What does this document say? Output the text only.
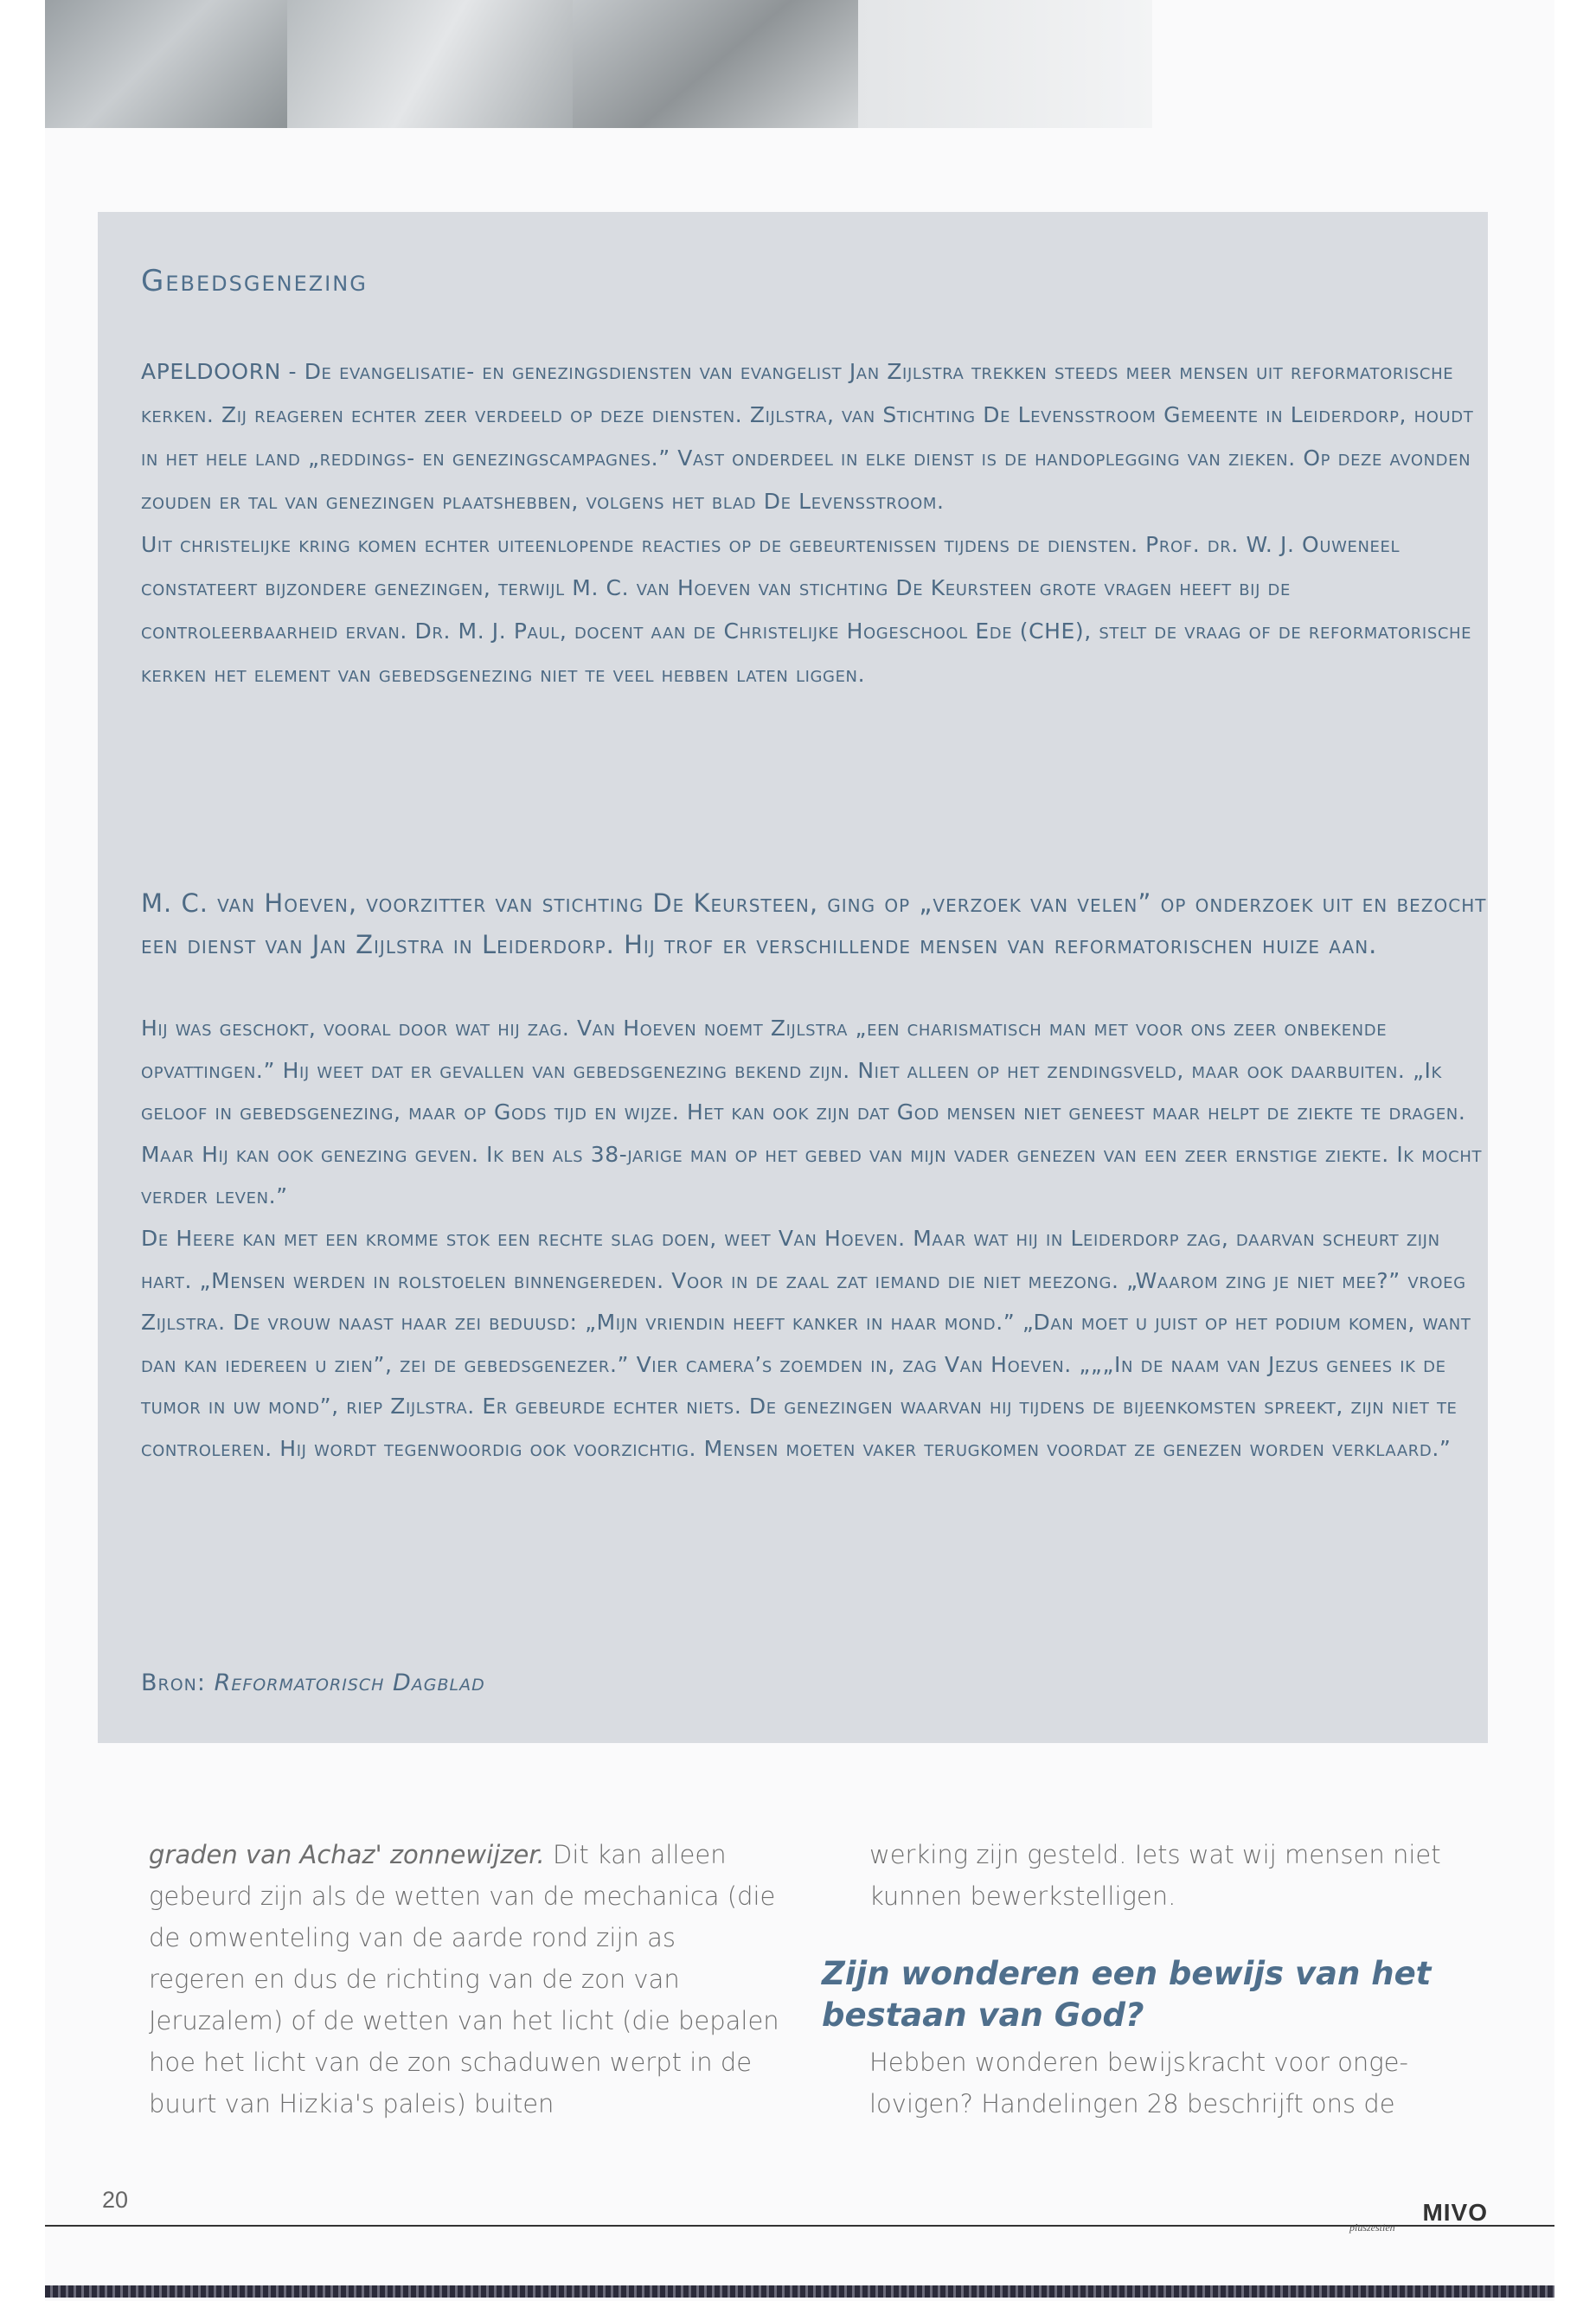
Gebedsgenezing
APELDOORN - De evangelisatie- en genezingsdiensten van evangelist Jan Zijlstra trekken steeds meer mensen uit reformatorische kerken. Zij reageren echter zeer verdeeld op deze diensten. Zijlstra, van Stichting De Levensstroom Gemeente in Leiderdorp, houdt in het hele land „reddings- en genezingscampagnes.” Vast onderdeel in elke dienst is de handoplegging van zieken. Op deze avonden zouden er tal van genezingen plaatshebben, volgens het blad De Levensstroom.
Uit christelijke kring komen echter uiteenlopende reacties op de gebeurtenissen tijdens de diensten. Prof. dr. W. J. Ouweneel constateert bijzondere genezingen, terwijl M. C. van Hoeven van stichting De Keursteen grote vragen heeft bij de controleerbaarheid ervan. Dr. M. J. Paul, docent aan de Christelijke Hogeschool Ede (CHE), stelt de vraag of de reformatorische kerken het element van gebedsgenezing niet te veel hebben laten liggen.

M. C. van Hoeven, voorzitter van stichting De Keursteen, ging op „verzoek van velen” op onderzoek uit en bezocht een dienst van Jan Zijlstra in Leiderdorp. Hij trof er verschillende mensen van reformatorischen huize aan.

Hij was geschokt, vooral door wat hij zag. Van Hoeven noemt Zijlstra „een charismatisch man met voor ons zeer onbekende opvattingen.” Hij weet dat er gevallen van gebedsgenezing bekend zijn. Niet alleen op het zendingsveld, maar ook daarbuiten. „Ik geloof in gebedsgenezing, maar op Gods tijd en wijze. Het kan ook zijn dat God mensen niet geneest maar helpt de ziekte te dragen. Maar Hij kan ook genezing geven. Ik ben als 38-jarige man op het gebed van mijn vader genezen van een zeer ernstige ziekte. Ik mocht verder leven.”
De Heere kan met een kromme stok een rechte slag doen, weet Van Hoeven. Maar wat hij in Leiderdorp zag, daarvan scheurt zijn hart. „Mensen werden in rolstoelen binnengereden. Voor in de zaal zat iemand die niet meezong. „Waarom zing je niet mee?” vroeg Zijlstra. De vrouw naast haar zei beduusd: „Mijn vriendin heeft kanker in haar mond.” „Dan moet u juist op het podium komen, want dan kan iedereen u zien”, zei de gebedsgenezer.” Vier camera’s zoemden in, zag Van Hoeven. „„„In de naam van Jezus genees ik de tumor in uw mond”, riep Zijlstra. Er gebeurde echter niets. De genezingen waarvan hij tijdens de bijeenkomsten spreekt, zijn niet te controleren. Hij wordt tegenwoordig ook voorzichtig. Mensen moeten vaker terugkomen voordat ze genezen worden verklaard.”

Bron: Reformatorisch Dagblad

graden van Achaz' zonnewijzer. Dit kan alleen gebeurd zijn als de wetten van de mechanica (die de omwenteling van de aarde rond zijn as regeren en dus de richting van de zon van Jeruzalem) of de wetten van het licht (die bepalen hoe het licht van de zon schaduwen werpt in de buurt van Hizkia's paleis) buiten

werking zijn gesteld. Iets wat wij mensen niet kunnen bewerkstelligen.

Zijn wonderen een bewijs van het bestaan van God?

Hebben wonderen bewijskracht voor ongelovigen? Handelingen 28 beschrijft ons de

20	MIVO
pluszestien
